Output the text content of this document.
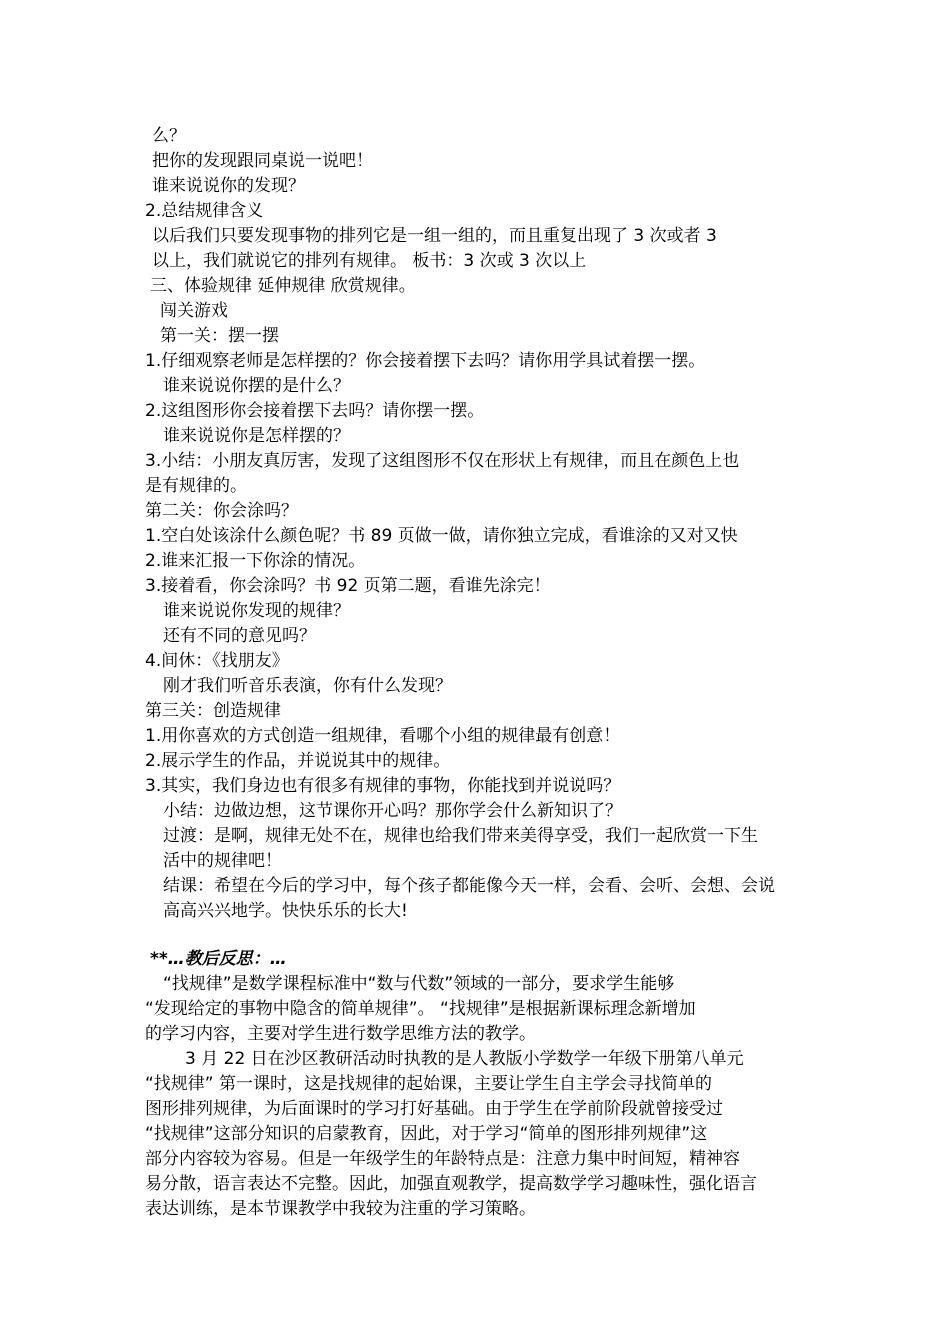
么？
把你的发现跟同桌说一说吧！
谁来说说你的发现？
2.总结规律含义
以后我们只要发现事物的排列它是一组一组的，而且重复出现了 3 次或者 3
以上，我们就说它的排列有规律。 板书：3 次或 3 次以上
三、体验规律 延伸规律 欣赏规律。
闯关游戏
第一关：摆一摆
1.仔细观察老师是怎样摆的？你会接着摆下去吗？请你用学具试着摆一摆。
谁来说说你摆的是什么？
2.这组图形你会接着摆下去吗？请你摆一摆。
谁来说说你是怎样摆的？
3.小结：小朋友真厉害，发现了这组图形不仅在形状上有规律，而且在颜色上也
是有规律的。
第二关：你会涂吗？
1.空白处该涂什么颜色呢？书 89 页做一做，请你独立完成，看谁涂的又对又快
2.谁来汇报一下你涂的情况。
3.接着看，你会涂吗？书 92 页第二题，看谁先涂完！
谁来说说你发现的规律？
还有不同的意见吗？
4.间休：《找朋友》
刚才我们听音乐表演，你有什么发现？
第三关：创造规律
1.用你喜欢的方式创造一组规律，看哪个小组的规律最有创意！
2.展示学生的作品，并说说其中的规律。
3.其实，我们身边也有很多有规律的事物，你能找到并说说吗？
小结：边做边想，这节课你开心吗？那你学会什么新知识了？
过渡：是啊，规律无处不在，规律也给我们带来美得享受，我们一起欣赏一下生
活中的规律吧！
结课：希望在今后的学习中，每个孩子都能像今天一样，会看、会听、会想、会说
高高兴兴地学。快快乐乐的长大!
**…教后反思：…
“找规律”是数学课程标准中“数与代数”领域的一部分，要求学生能够
“发现给定的事物中隐含的简单规律”。 “找规律”是根据新课标理念新增加
的学习内容，主要对学生进行数学思维方法的教学。
3 月 22 日在沙区教研活动时执教的是人教版小学数学一年级下册第八单元
“找规律” 第一课时，这是找规律的起始课，主要让学生自主学会寻找简单的
图形排列规律，为后面课时的学习打好基础。由于学生在学前阶段就曾接受过
“找规律”这部分知识的启蒙教育，因此，对于学习“简单的图形排列规律”这
部分内容较为容易。但是一年级学生的年龄特点是：注意力集中时间短，精神容
易分散，语言表达不完整。因此，加强直观教学，提高数学学习趣味性，强化语言
表达训练，是本节课教学中我较为注重的学习策略。
